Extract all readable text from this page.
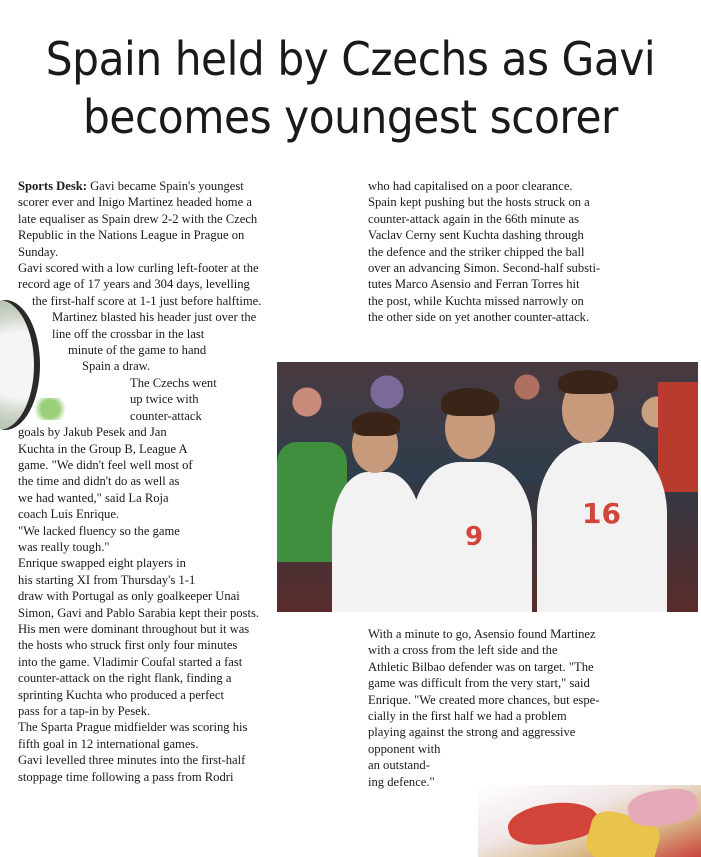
Spain held by Czechs as Gavi
becomes youngest scorer

Sports Desk: Gavi became Spain's youngest

scorer ever and Inigo Martinez headed home a
late equaliser as Spain drew 2-2 with the Czech
Republic in the Nations League in Prague on
Sunday.
Gavi scored with a low curling left-footer at the
record age of 17 years and 304 days, levelling
the first-half score at 1-1 just before halftime.
Martinez blasted his header just over the
line off the crossbar in the last
minute of the game to hand
Spain a draw.
The Czechs went
up twice with
counter-attack
goals by Jakub Pesek and Jan
Kuchta in the Group B, League A
game. "We didn't feel well most of
the time and didn't do as well as
we had wanted," said La Roja
coach Luis Enrique.
"We lacked fluency so the game
was really tough."
Enrique swapped eight players in
his starting XI from Thursday's 1-1
draw with Portugal as only goalkeeper Unai
Simon, Gavi and Pablo Sarabia kept their posts.
His men were dominant throughout but it was
the hosts who struck first only four minutes
into the game. Vladimir Coufal started a fast
counter-attack on the right flank, finding a
sprinting Kuchta who produced a perfect
pass for a tap-in by Pesek.
The Sparta Prague midfielder was scoring his
fifth goal in 12 international games.
Gavi levelled three minutes into the first-half
stoppage time following a pass from Rodri
who had capitalised on a poor clearance.
Spain kept pushing but the hosts struck on a
counter-attack again in the 66th minute as
Vaclav Cerny sent Kuchta dashing through
the defence and the striker chipped the ball
over an advancing Simon. Second-half substi-
tutes Marco Asensio and Ferran Torres hit
the post, while Kuchta missed narrowly on
the other side on yet another counter-attack.
9
16
With a minute to go, Asensio found Martinez
with a cross from the left side and the
Athletic Bilbao defender was on target. "The
game was difficult from the very start," said
Enrique. "We created more chances, but espe-
cially in the first half we had a problem
playing against the strong and aggressive
opponent with
an outstand-
ing defence."
